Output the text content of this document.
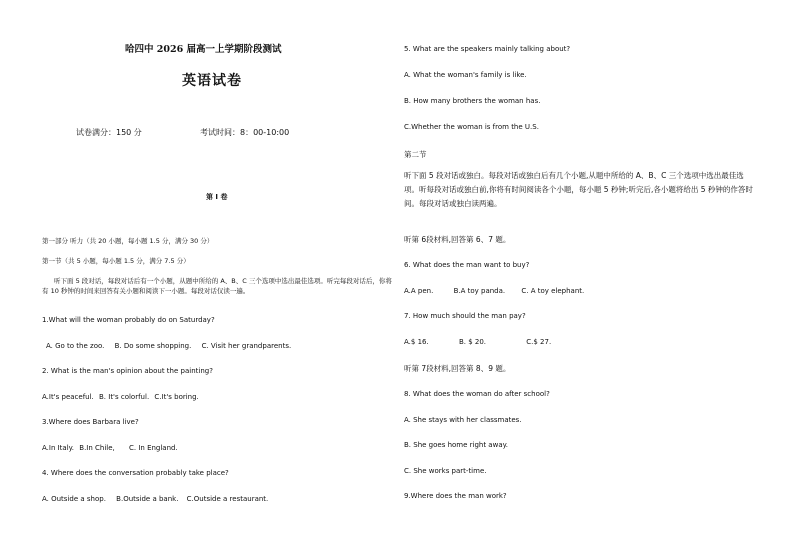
哈四中 2026 届高一上学期阶段测试
英语试卷
试卷满分：150 分	考试时间：8：00-10:00
第 I 卷
第一部分 听力（共 20 小题，每小题 1.5 分，满分 30 分）
第一节（共 5 小题，每小题 1.5 分，满分 7.5 分）
听下面 5 段对话，每段对话后有一个小题，从题中所给的 A、B、C 三个选项中选出最佳选项。听完每段对话后，你将有 10 秒钟的时间来回答有关小题和阅读下一小题。每段对话仅读一遍。
1.What will the woman probably do on Saturday?
A. Go to the zoo. B. Do some shopping. C. Visit her grandparents.
2. What is the man's opinion about the painting?
A.It's peaceful. B. It's colorful. C.It's boring.
3.Where does Barbara live?
A.In Italy. B.In Chile, C. In England.
4. Where does the conversation probably take place?
A. Outside a shop. B.Outside a bank. C.Outside a restaurant.
5. What are the speakers mainly talking about?
A. What the woman's family is like.
B. How many brothers the woman has.
C.Whether the woman is from the U.S.
第二节
听下面 5 段对话或独白。每段对话或独白后有几个小题,从题中所给的 A、B、C 三个选项中选出最佳选项。听每段对话或独白前,你将有时间阅读各个小题，每小题 5 秒钟;听完后,各小题将给出 5 秒钟的作答时间。每段对话或独白读两遍。
听第 6段材料,回答第 6、7 题。
6. What does the man want to buy?
A.A pen.	B.A toy panda. C. A toy elephant.
7. How much should the man pay?
A.$ 16.	B. $ 20.	C.$ 27.
听第 7段材料,回答第 8、9 题。
8. What does the woman do after school?
A. She stays with her classmates.
B. She goes home right away.
C. She works part-time.
9.Where does the man work?
